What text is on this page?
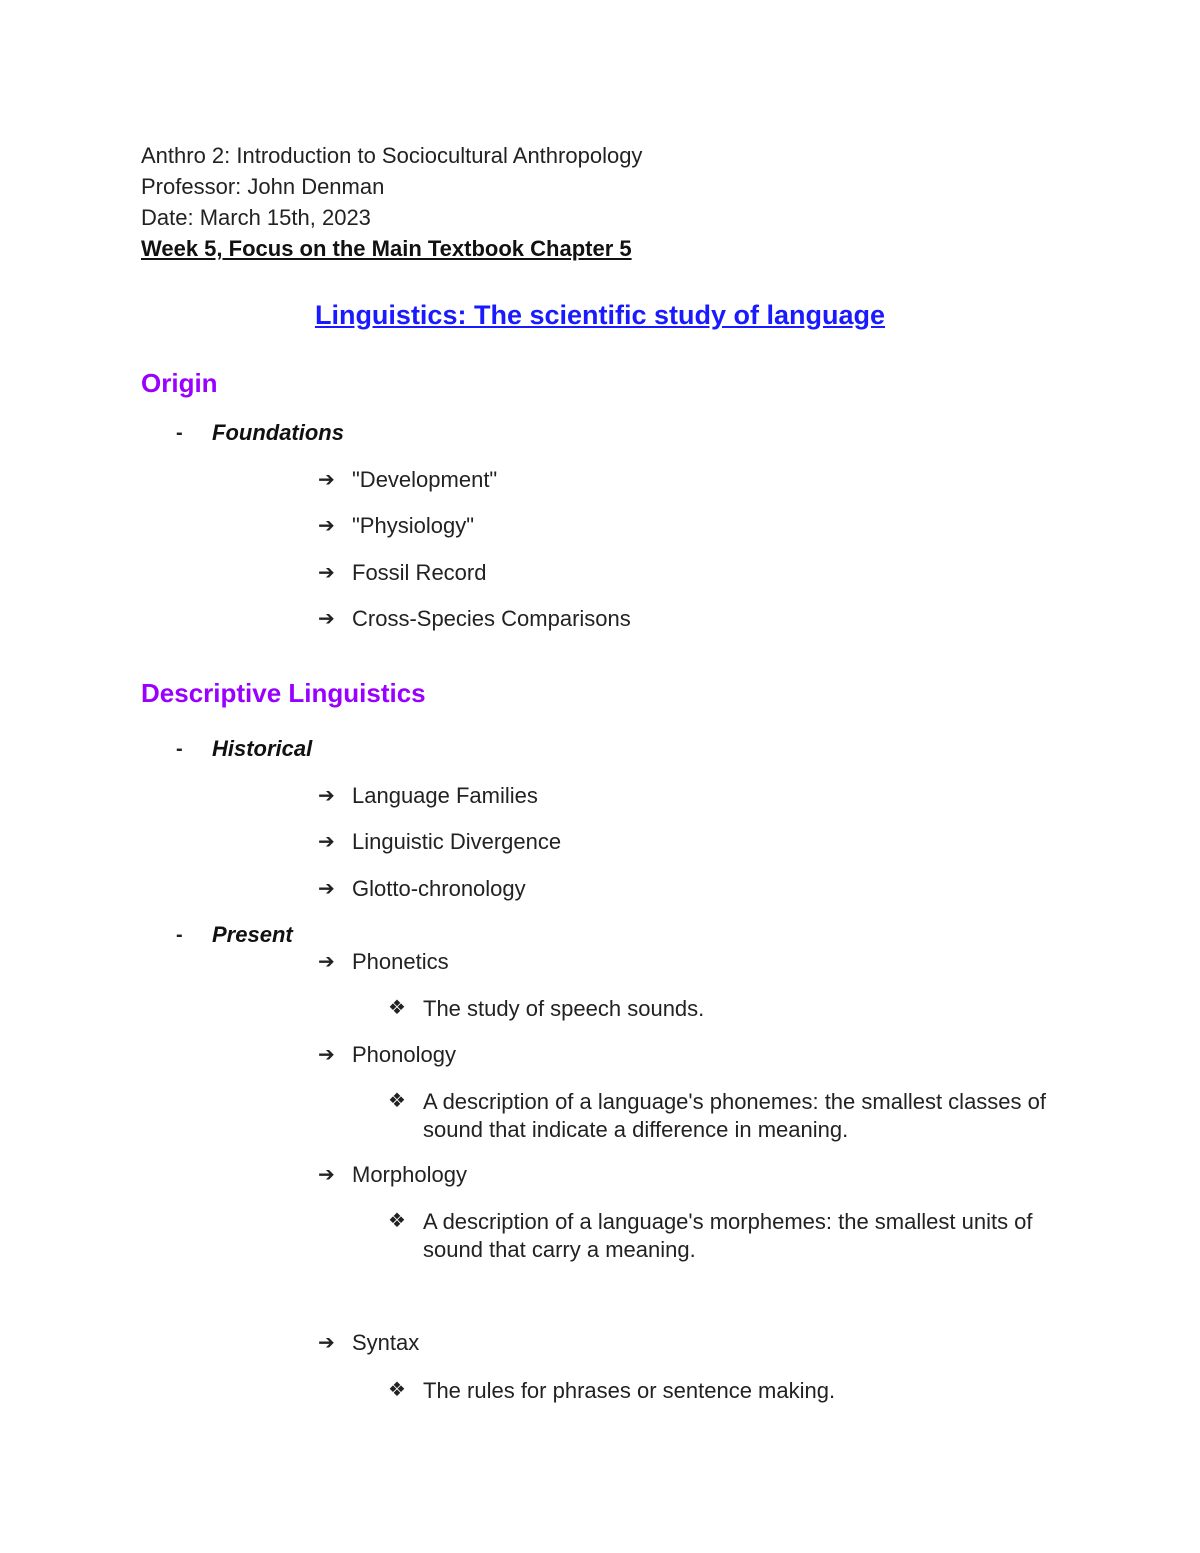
Anthro 2: Introduction to Sociocultural Anthropology
Professor: John Denman
Date: March 15th, 2023
Week 5, Focus on the Main Textbook Chapter 5
Linguistics: The scientific study of language
Origin
- Foundations
➔ "Development"
➔ "Physiology"
➔ Fossil Record
➔ Cross-Species Comparisons
Descriptive Linguistics
- Historical
➔ Language Families
➔ Linguistic Divergence
➔ Glotto-chronology
- Present
➔ Phonetics
❖ The study of speech sounds.
➔ Phonology
❖ A description of a language's phonemes: the smallest classes of sound that indicate a difference in meaning.
➔ Morphology
❖ A description of a language's morphemes: the smallest units of sound that carry a meaning.
➔ Syntax
❖ The rules for phrases or sentence making.
